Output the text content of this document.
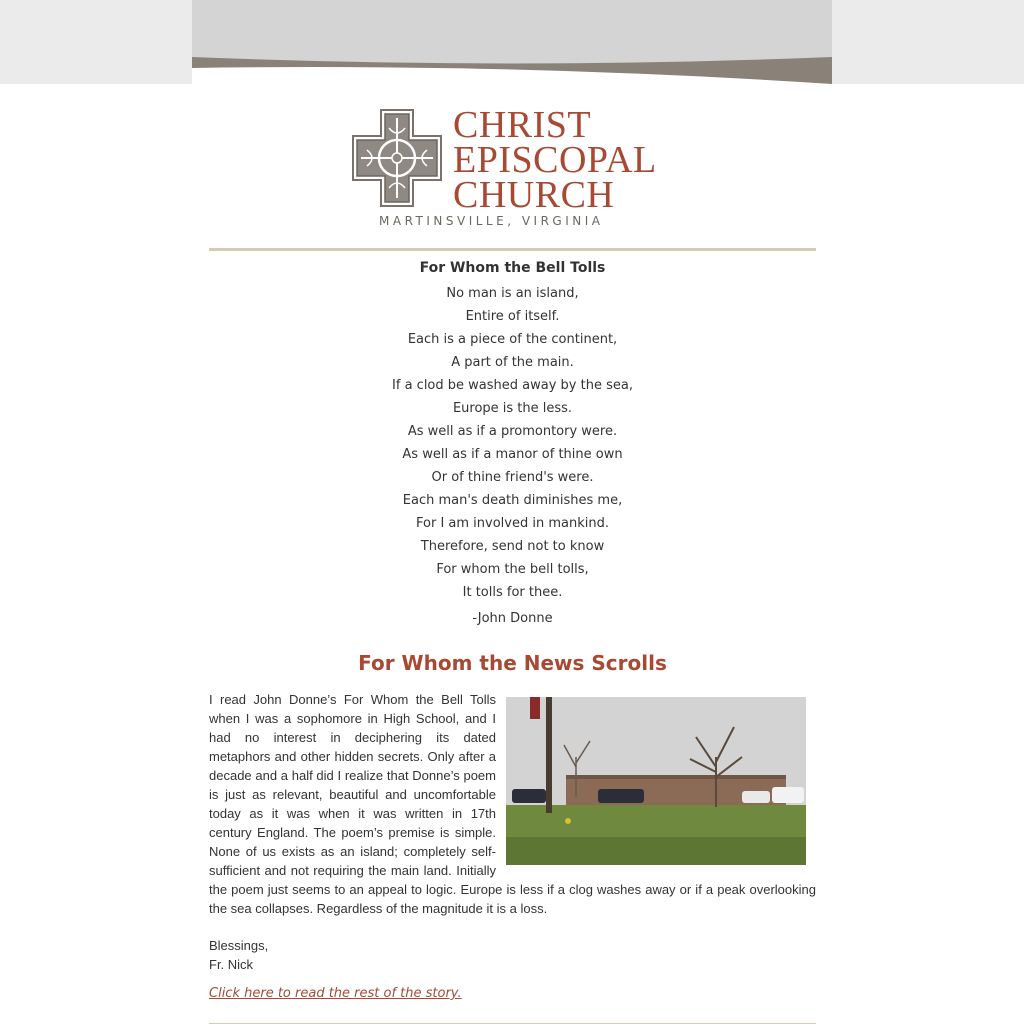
CHRIST
EPISCOPAL
CHURCH
MARTINSVILLE, VIRGINIA
For Whom the Bell Tolls
No man is an island,
Entire of itself.
Each is a piece of the continent,
A part of the main.
If a clod be washed away by the sea,
Europe is the less.
As well as if a promontory were.
As well as if a manor of thine own
Or of thine friend's were.
Each man's death diminishes me,
For I am involved in mankind.
Therefore, send not to know
For whom the bell tolls,
It tolls for thee.
-John Donne
For Whom the News Scrolls
I read John Donne’s For Whom the Bell Tolls when I was a sophomore in High School, and I had no interest in deciphering its dated metaphors and other hidden secrets. Only after a decade and a half did I realize that Donne’s poem is just as relevant, beautiful and uncomfortable today as it was when it was written in 17th century England. The poem’s premise is simple. None of us exists as an island; completely self-sufficient and not requiring the main land. Initially the poem just seems to an appeal to logic. Europe is less if a clog washes away or if a peak overlooking the sea collapses. Regardless of the magnitude it is a loss.
Blessings,
Fr. Nick
Click here to read the rest of the story.
